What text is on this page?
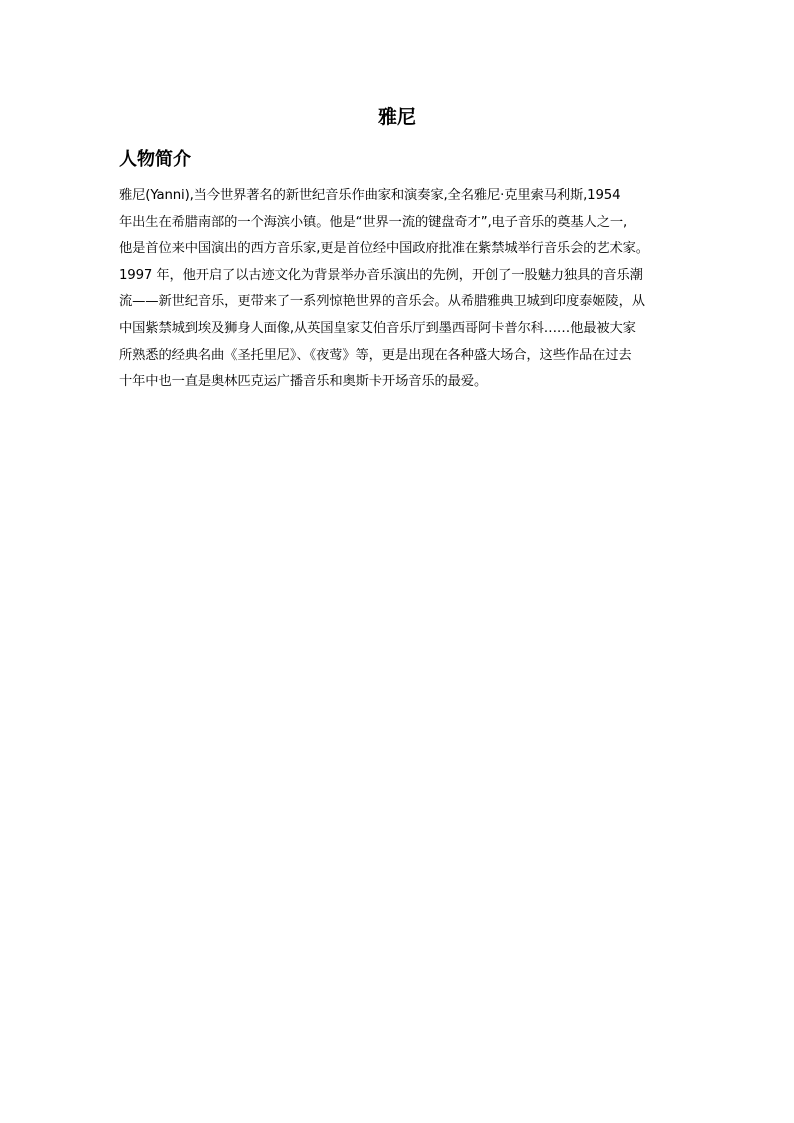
雅尼
人物简介
雅尼(Yanni),当今世界著名的新世纪音乐作曲家和演奏家,全名雅尼·克里索马利斯,1954
年出生在希腊南部的一个海滨小镇。他是“世界一流的键盘奇才”,电子音乐的奠基人之一,
他是首位来中国演出的西方音乐家,更是首位经中国政府批准在紫禁城举行音乐会的艺术家。
1997 年，他开启了以古迹文化为背景举办音乐演出的先例，开创了一股魅力独具的音乐潮
流——新世纪音乐，更带来了一系列惊艳世界的音乐会。从希腊雅典卫城到印度泰姬陵，从
中国紫禁城到埃及狮身人面像,从英国皇家艾伯音乐厅到墨西哥阿卡普尔科……他最被大家
所熟悉的经典名曲《圣托里尼》、《夜莺》等，更是出现在各种盛大场合，这些作品在过去
十年中也一直是奥林匹克运广播音乐和奥斯卡开场音乐的最爱。
